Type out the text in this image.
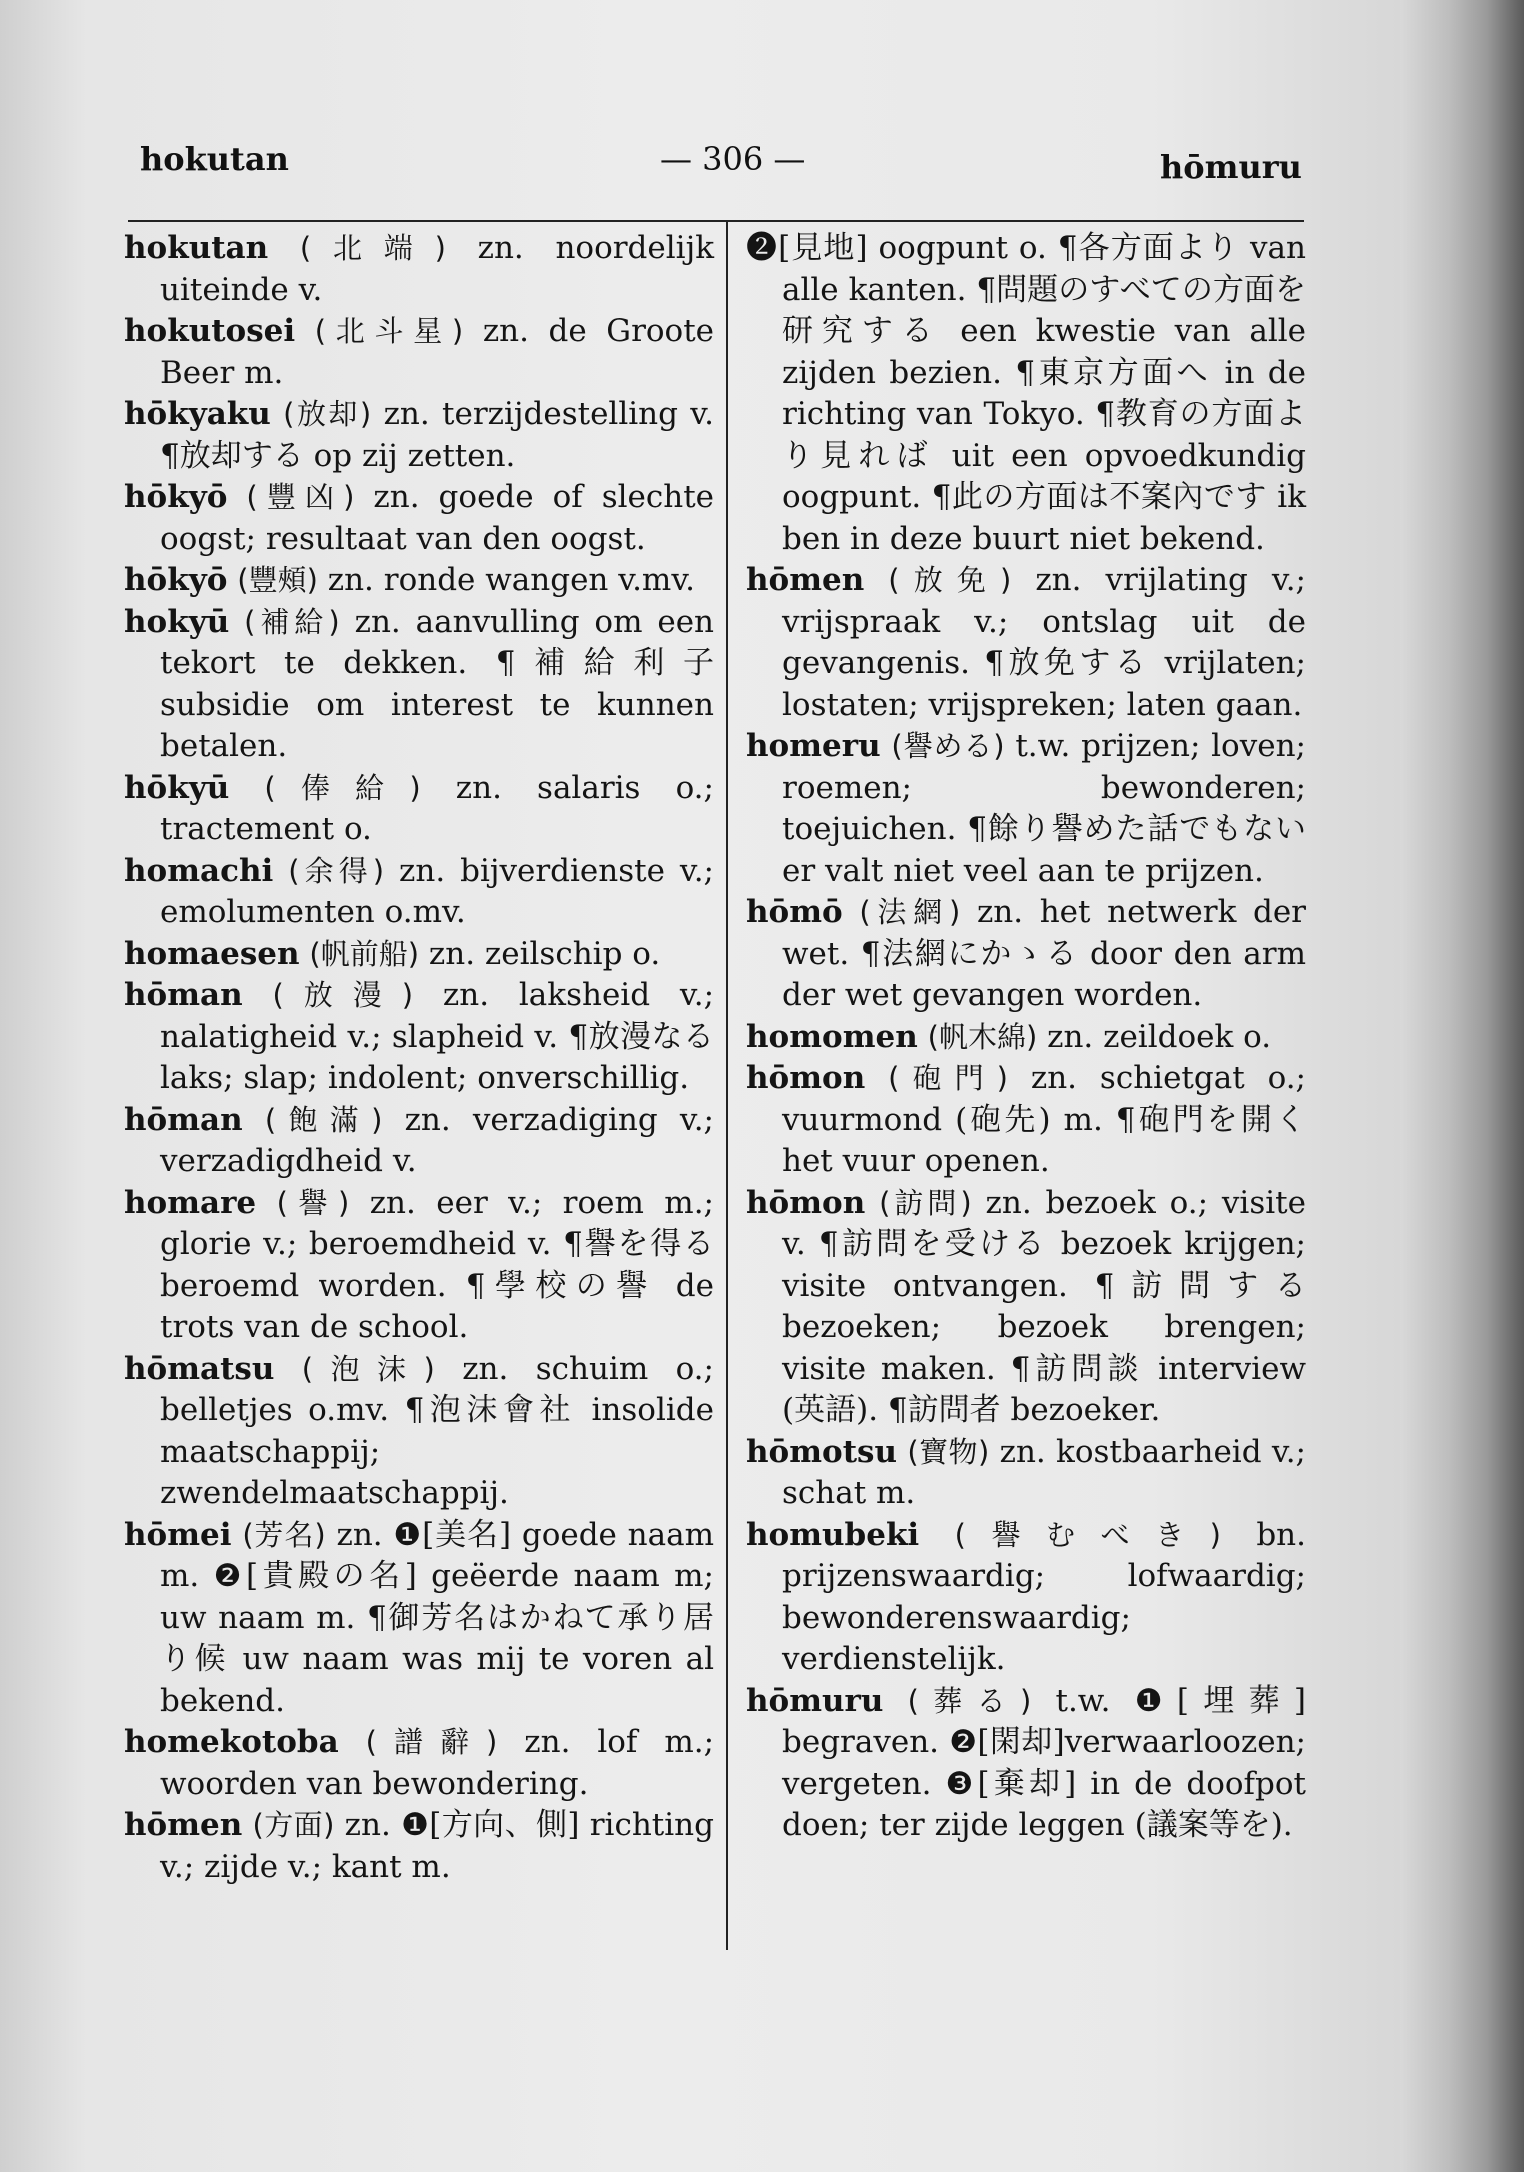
hokutan	— 306 —	hōmuru

hokutan (北端) zn. noordelijk uiteinde v.

hokutosei (北斗星) zn. de Groote Beer m.

hōkyaku (放却) zn. terzijdestelling v. ¶放却する op zij zetten.

hōkyō (豐凶) zn. goede of slechte oogst; resultaat van den oogst.

hōkyō (豐頰) zn. ronde wangen v.mv.

hokyū (補給) zn. aanvulling om een tekort te dekken. ¶補給利子 subsidie om interest te kunnen betalen.

hōkyū (俸給) zn. salaris o.; tractement o.

homachi (余得) zn. bijverdienste v.; emolumenten o.mv.

homaesen (帆前船) zn. zeilschip o.

hōman (放漫) zn. laksheid v.; nalatigheid v.; slapheid v. ¶放漫なる laks; slap; indolent; onverschillig.

hōman (飽滿) zn. verzadiging v.; verzadigdheid v.

homare (譽) zn. eer v.; roem m.; glorie v.; beroemdheid v. ¶譽を得る beroemd worden. ¶學校の譽 de trots van de school.

hōmatsu (泡沫) zn. schuim o.; belletjes o.mv. ¶泡沫會社 insolide maatschappij; zwendelmaatschappij.

hōmei (芳名) zn. ❶[美名] goede naam m. ❷[貴殿の名] geëerde naam m; uw naam m. ¶御芳名はかねて承り居り候 uw naam was mij te voren al bekend.

homekotoba (譜辭) zn. lof m.; woorden van bewondering.

hōmen (方面) zn. ❶[方向、側] richting v.; zijde v.; kant m.

❷[見地] oogpunt o. ¶各方面より van alle kanten. ¶問題のすべての方面を研究する een kwestie van alle zijden bezien. ¶東京方面へ in de richting van Tokyo. ¶教育の方面より見れば uit een opvoedkundig oogpunt. ¶此の方面は不案內です ik ben in deze buurt niet bekend.

hōmen (放免) zn. vrijlating v.; vrijspraak v.; ontslag uit de gevangenis. ¶放免する vrijlaten; lostaten; vrijspreken; laten gaan.

homeru (譽める) t.w. prijzen; loven; roemen; bewonderen; toejuichen. ¶餘り譽めた話でもない er valt niet veel aan te prijzen.

hōmō (法網) zn. het netwerk der wet. ¶法網にかゝる door den arm der wet gevangen worden.

homomen (帆木綿) zn. zeildoek o.

hōmon (砲門) zn. schietgat o.; vuurmond (砲先) m. ¶砲門を開く het vuur openen.

hōmon (訪問) zn. bezoek o.; visite v. ¶訪問を受ける bezoek krijgen; visite ontvangen. ¶訪問する bezoeken; bezoek brengen; visite maken. ¶訪問談 interview (英語). ¶訪問者 bezoeker.

hōmotsu (寶物) zn. kostbaarheid v.; schat m.

homubeki (譽むべき) bn. prijzenswaardig; lofwaardig; bewonderenswaardig; verdienstelijk.

hōmuru (葬る) t.w. ❶[埋葬] begraven. ❷[閑却]verwaarloozen; vergeten. ❸[棄却] in de doofpot doen; ter zijde leggen (議案等を).
